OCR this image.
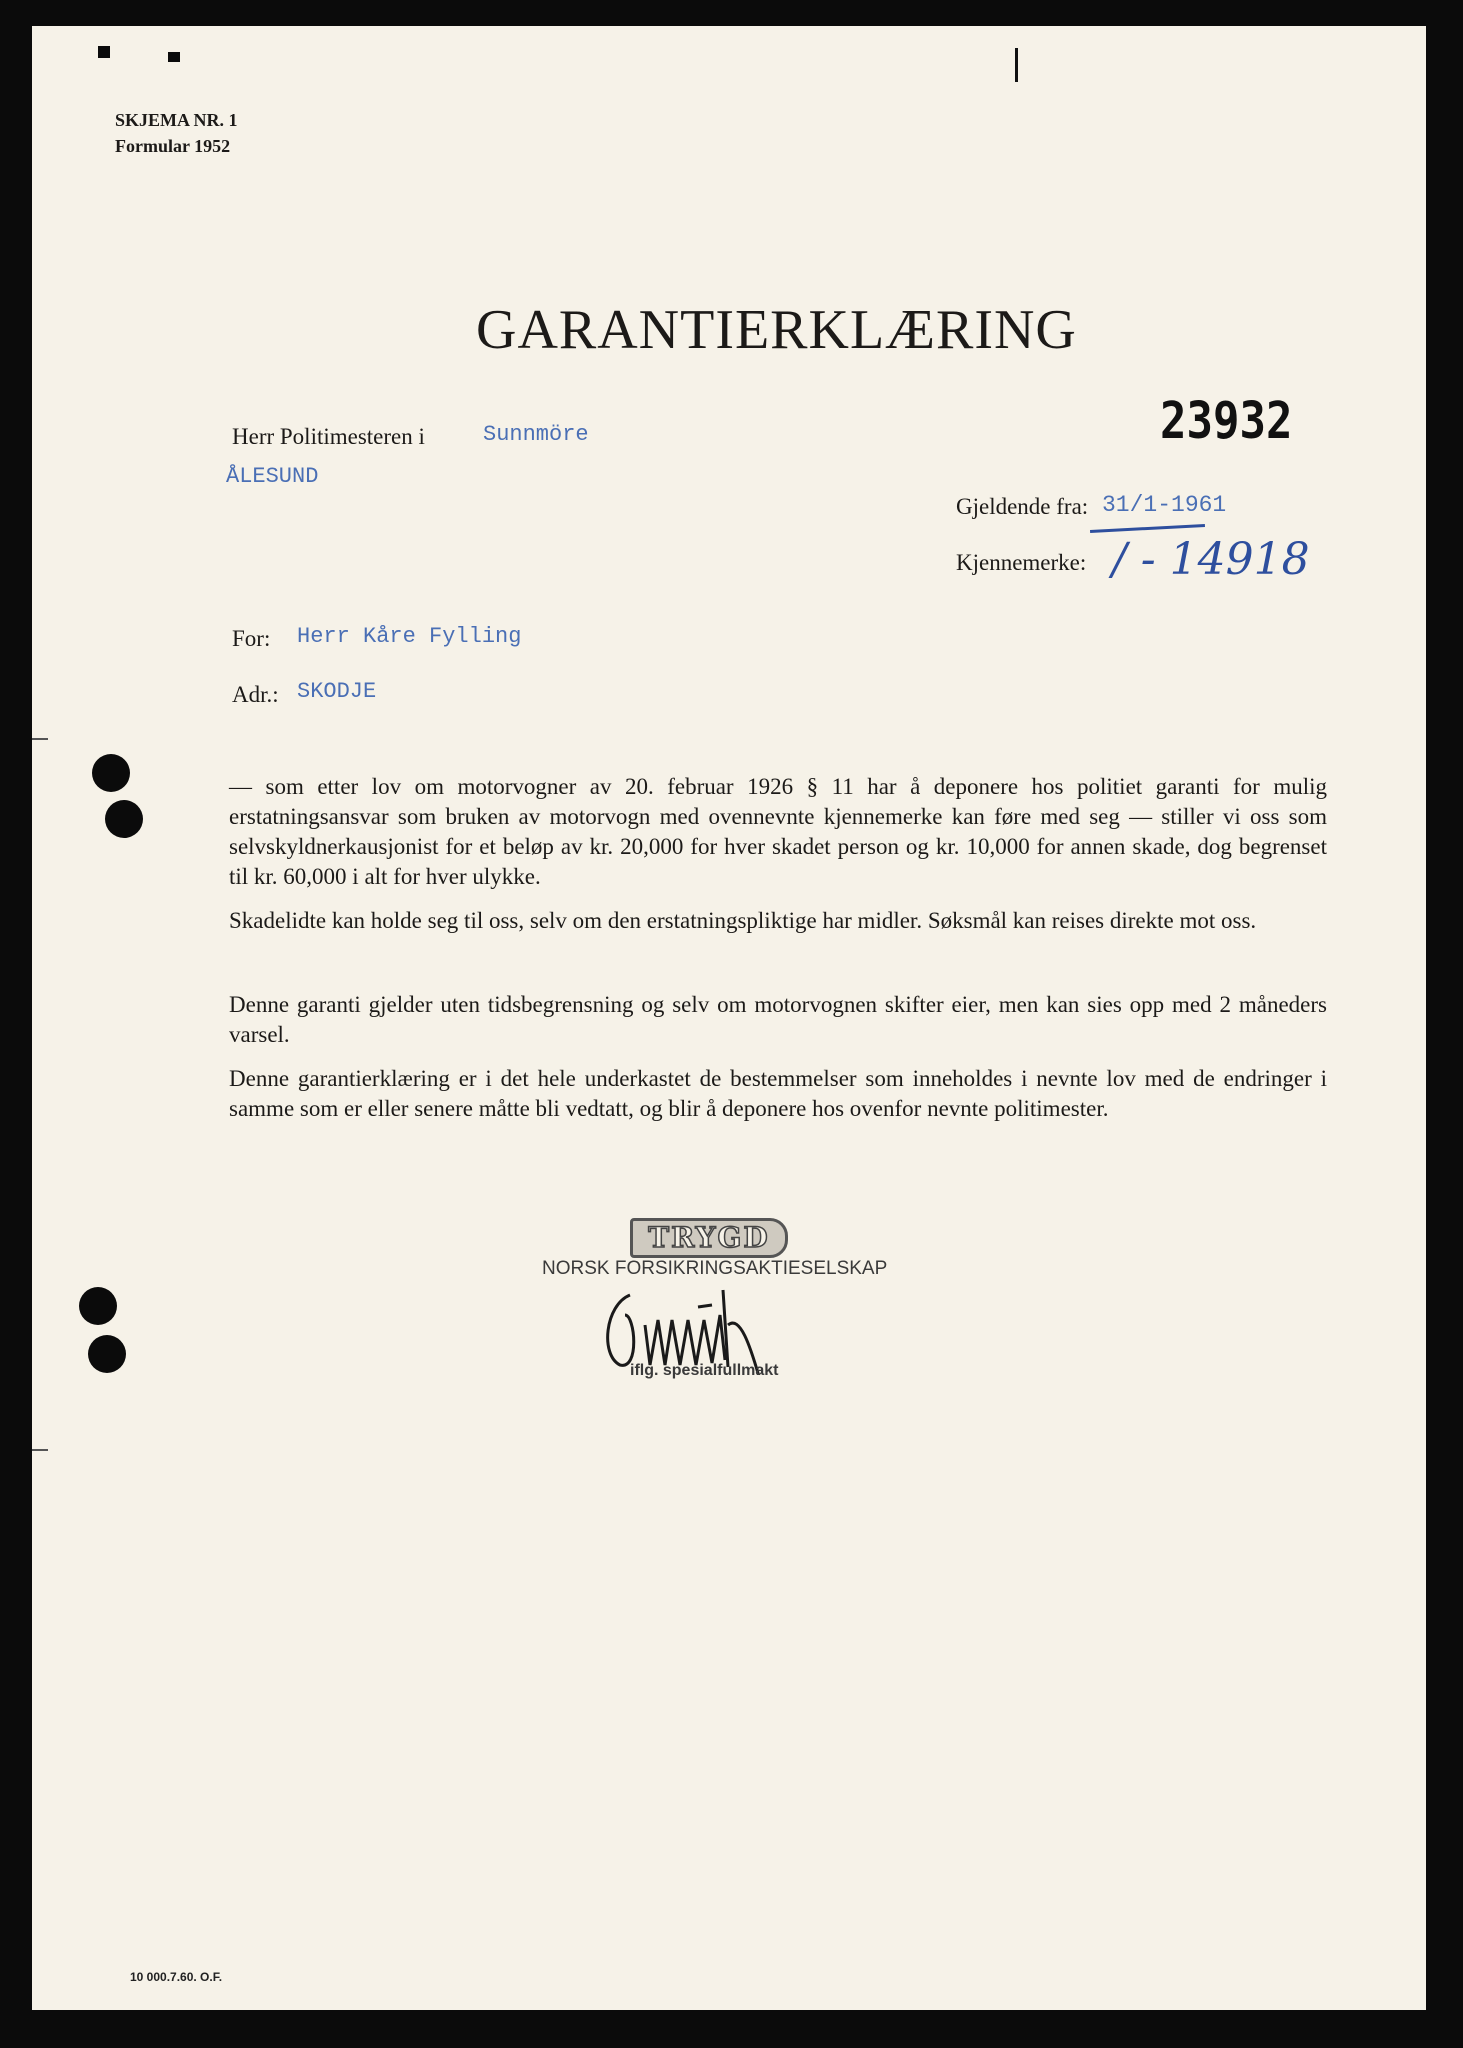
SKJEMA NR. 1
Formular 1952
GARANTIERKLÆRING
23932
Herr Politimesteren i	Sunnmöre
ÅLESUND
Gjeldende fra: 31/1-1961
Kjennemerke: / - 14918
For: Herr Kåre Fylling
Adr.: SKODJE

— som etter lov om motorvogner av 20. februar 1926 § 11 har å deponere hos politiet garanti for mulig erstatningsansvar som bruken av motorvogn med ovennevnte kjennemerke kan føre med seg — stiller vi oss som selvskyldnerkausjonist for et beløp av kr. 20,000 for hver skadet person og kr. 10,000 for annen skade, dog begrenset til kr. 60,000 i alt for hver ulykke.

Skadelidte kan holde seg til oss, selv om den erstatningspliktige har midler. Søksmål kan reises direkte mot oss.

Denne garanti gjelder uten tidsbegrensning og selv om motorvognen skifter eier, men kan sies opp med 2 måneders varsel.

Denne garantierklæring er i det hele underkastet de bestemmelser som inneholdes i nevnte lov med de endringer i samme som er eller senere måtte bli vedtatt, og blir å deponere hos ovenfor nevnte politimester.

TRYGD
NORSK FORSIKRINGSAKTIESELSKAP
iflg. spesialfullmakt
10 000.7.60. O.F.
